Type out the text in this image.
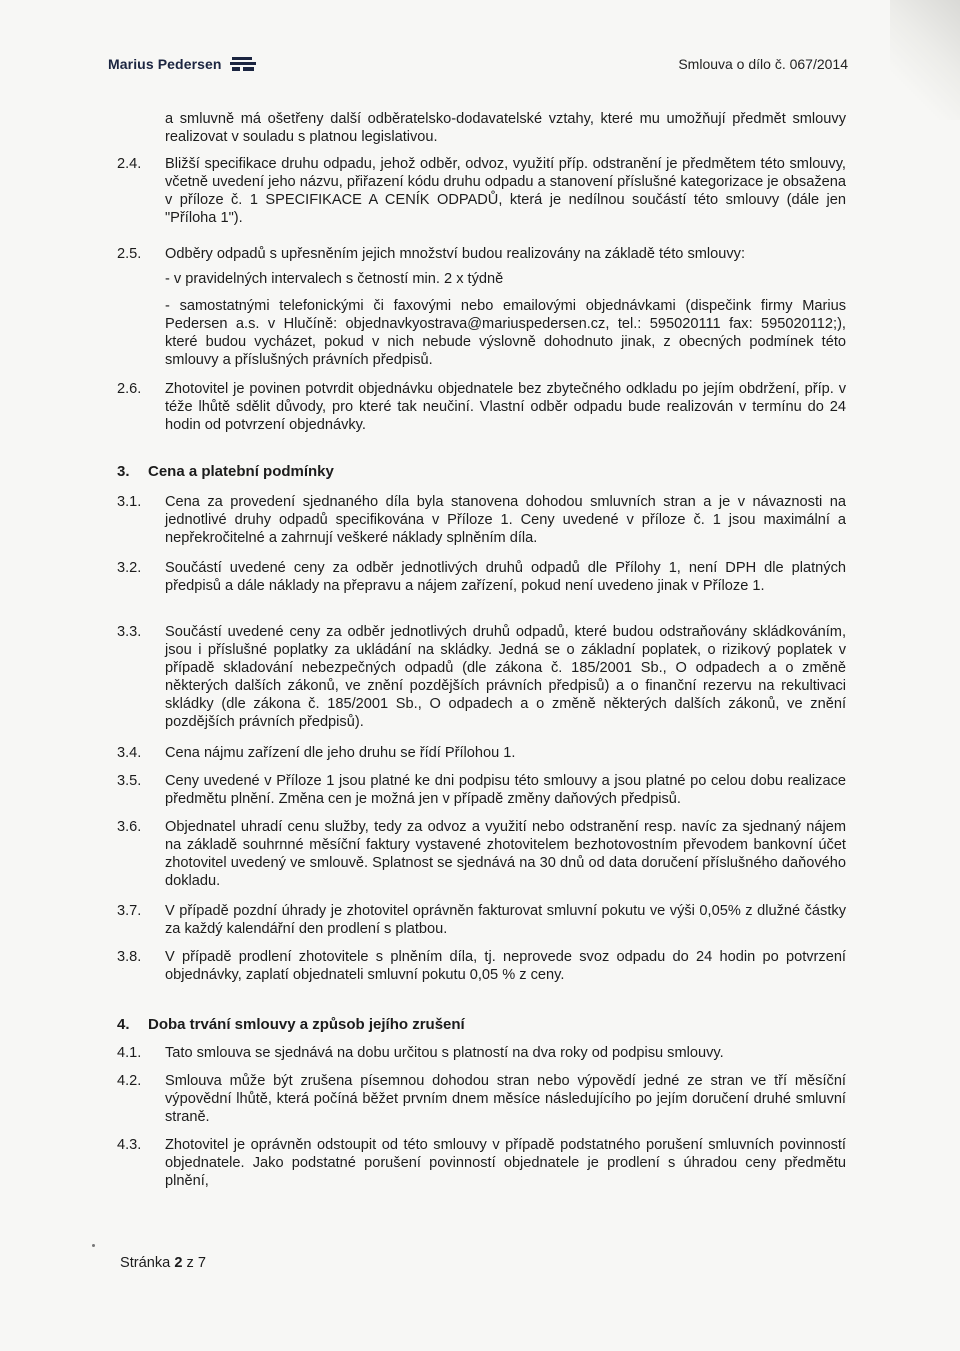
Marius Pedersen	Smlouva o dílo č. 067/2014
a smluvně má ošetřeny další odběratelsko-dodavatelské vztahy, které mu umožňují předmět smlouvy realizovat v souladu s platnou legislativou.
2.4. Bližší specifikace druhu odpadu, jehož odběr, odvoz, využití příp. odstranění je předmětem této smlouvy, včetně uvedení jeho názvu, přiřazení kódu druhu odpadu a stanovení příslušné kategorizace je obsažena v příloze č. 1 SPECIFIKACE A CENÍK ODPADŮ, která je nedílnou součástí této smlouvy (dále jen "Příloha 1").
2.5. Odběry odpadů s upřesněním jejich množství budou realizovány na základě této smlouvy:
- v pravidelných intervalech s četností min. 2 x týdně
- samostatnými telefonickými či faxovými nebo emailovými objednávkami (dispečink firmy Marius Pedersen a.s. v Hlučíně: objednavkyostrava@mariuspedersen.cz, tel.: 595020111 fax: 595020112;), které budou vycházet, pokud v nich nebude výslovně dohodnuto jinak, z obecných podmínek této smlouvy a příslušných právních předpisů.
2.6. Zhotovitel je povinen potvrdit objednávku objednatele bez zbytečného odkladu po jejím obdržení, příp. v téže lhůtě sdělit důvody, pro které tak neučiní. Vlastní odběr odpadu bude realizován v termínu do 24 hodin od potvrzení objednávky.
3. Cena a platební podmínky
3.1. Cena za provedení sjednaného díla byla stanovena dohodou smluvních stran a je v návaznosti na jednotlivé druhy odpadů specifikována v Příloze 1. Ceny uvedené v příloze č. 1 jsou maximální a nepřekročitelné a zahrnují veškeré náklady splněním díla.
3.2. Součástí uvedené ceny za odběr jednotlivých druhů odpadů dle Přílohy 1, není DPH dle platných předpisů a dále náklady na přepravu a nájem zařízení, pokud není uvedeno jinak v Příloze 1.
3.3. Součástí uvedené ceny za odběr jednotlivých druhů odpadů, které budou odstraňovány skládkováním, jsou i příslušné poplatky za ukládání na skládky. Jedná se o základní poplatek, o rizikový poplatek v případě skladování nebezpečných odpadů (dle zákona č. 185/2001 Sb., O odpadech a o změně některých dalších zákonů, ve znění pozdějších právních předpisů) a o finanční rezervu na rekultivaci skládky (dle zákona č. 185/2001 Sb., O odpadech a o změně některých dalších zákonů, ve znění pozdějších právních předpisů).
3.4. Cena nájmu zařízení dle jeho druhu se řídí Přílohou 1.
3.5. Ceny uvedené v Příloze 1 jsou platné ke dni podpisu této smlouvy a jsou platné po celou dobu realizace předmětu plnění. Změna cen je možná jen v případě změny daňových předpisů.
3.6. Objednatel uhradí cenu služby, tedy za odvoz a využití nebo odstranění resp. navíc za sjednaný nájem na základě souhrnné měsíční faktury vystavené zhotovitelem bezhotovostním převodem bankovní účet zhotovitel uvedený ve smlouvě. Splatnost se sjednává na 30 dnů od data doručení příslušného daňového dokladu.
3.7. V případě pozdní úhrady je zhotovitel oprávněn fakturovat smluvní pokutu ve výši 0,05% z dlužné částky za každý kalendářní den prodlení s platbou.
3.8. V případě prodlení zhotovitele s plněním díla, tj. neprovede svoz odpadu do 24 hodin po potvrzení objednávky, zaplatí objednateli smluvní pokutu 0,05 % z ceny.
4. Doba trvání smlouvy a způsob jejího zrušení
4.1. Tato smlouva se sjednává na dobu určitou s platností na dva roky od podpisu smlouvy.
4.2. Smlouva může být zrušena písemnou dohodou stran nebo výpovědí jedné ze stran ve tří měsíční výpovědní lhůtě, která počíná běžet prvním dnem měsíce následujícího po jejím doručení druhé smluvní straně.
4.3. Zhotovitel je oprávněn odstoupit od této smlouvy v případě podstatného porušení smluvních povinností objednatele. Jako podstatné porušení povinností objednatele je prodlení s úhradou ceny předmětu plnění,
Stránka 2 z 7
